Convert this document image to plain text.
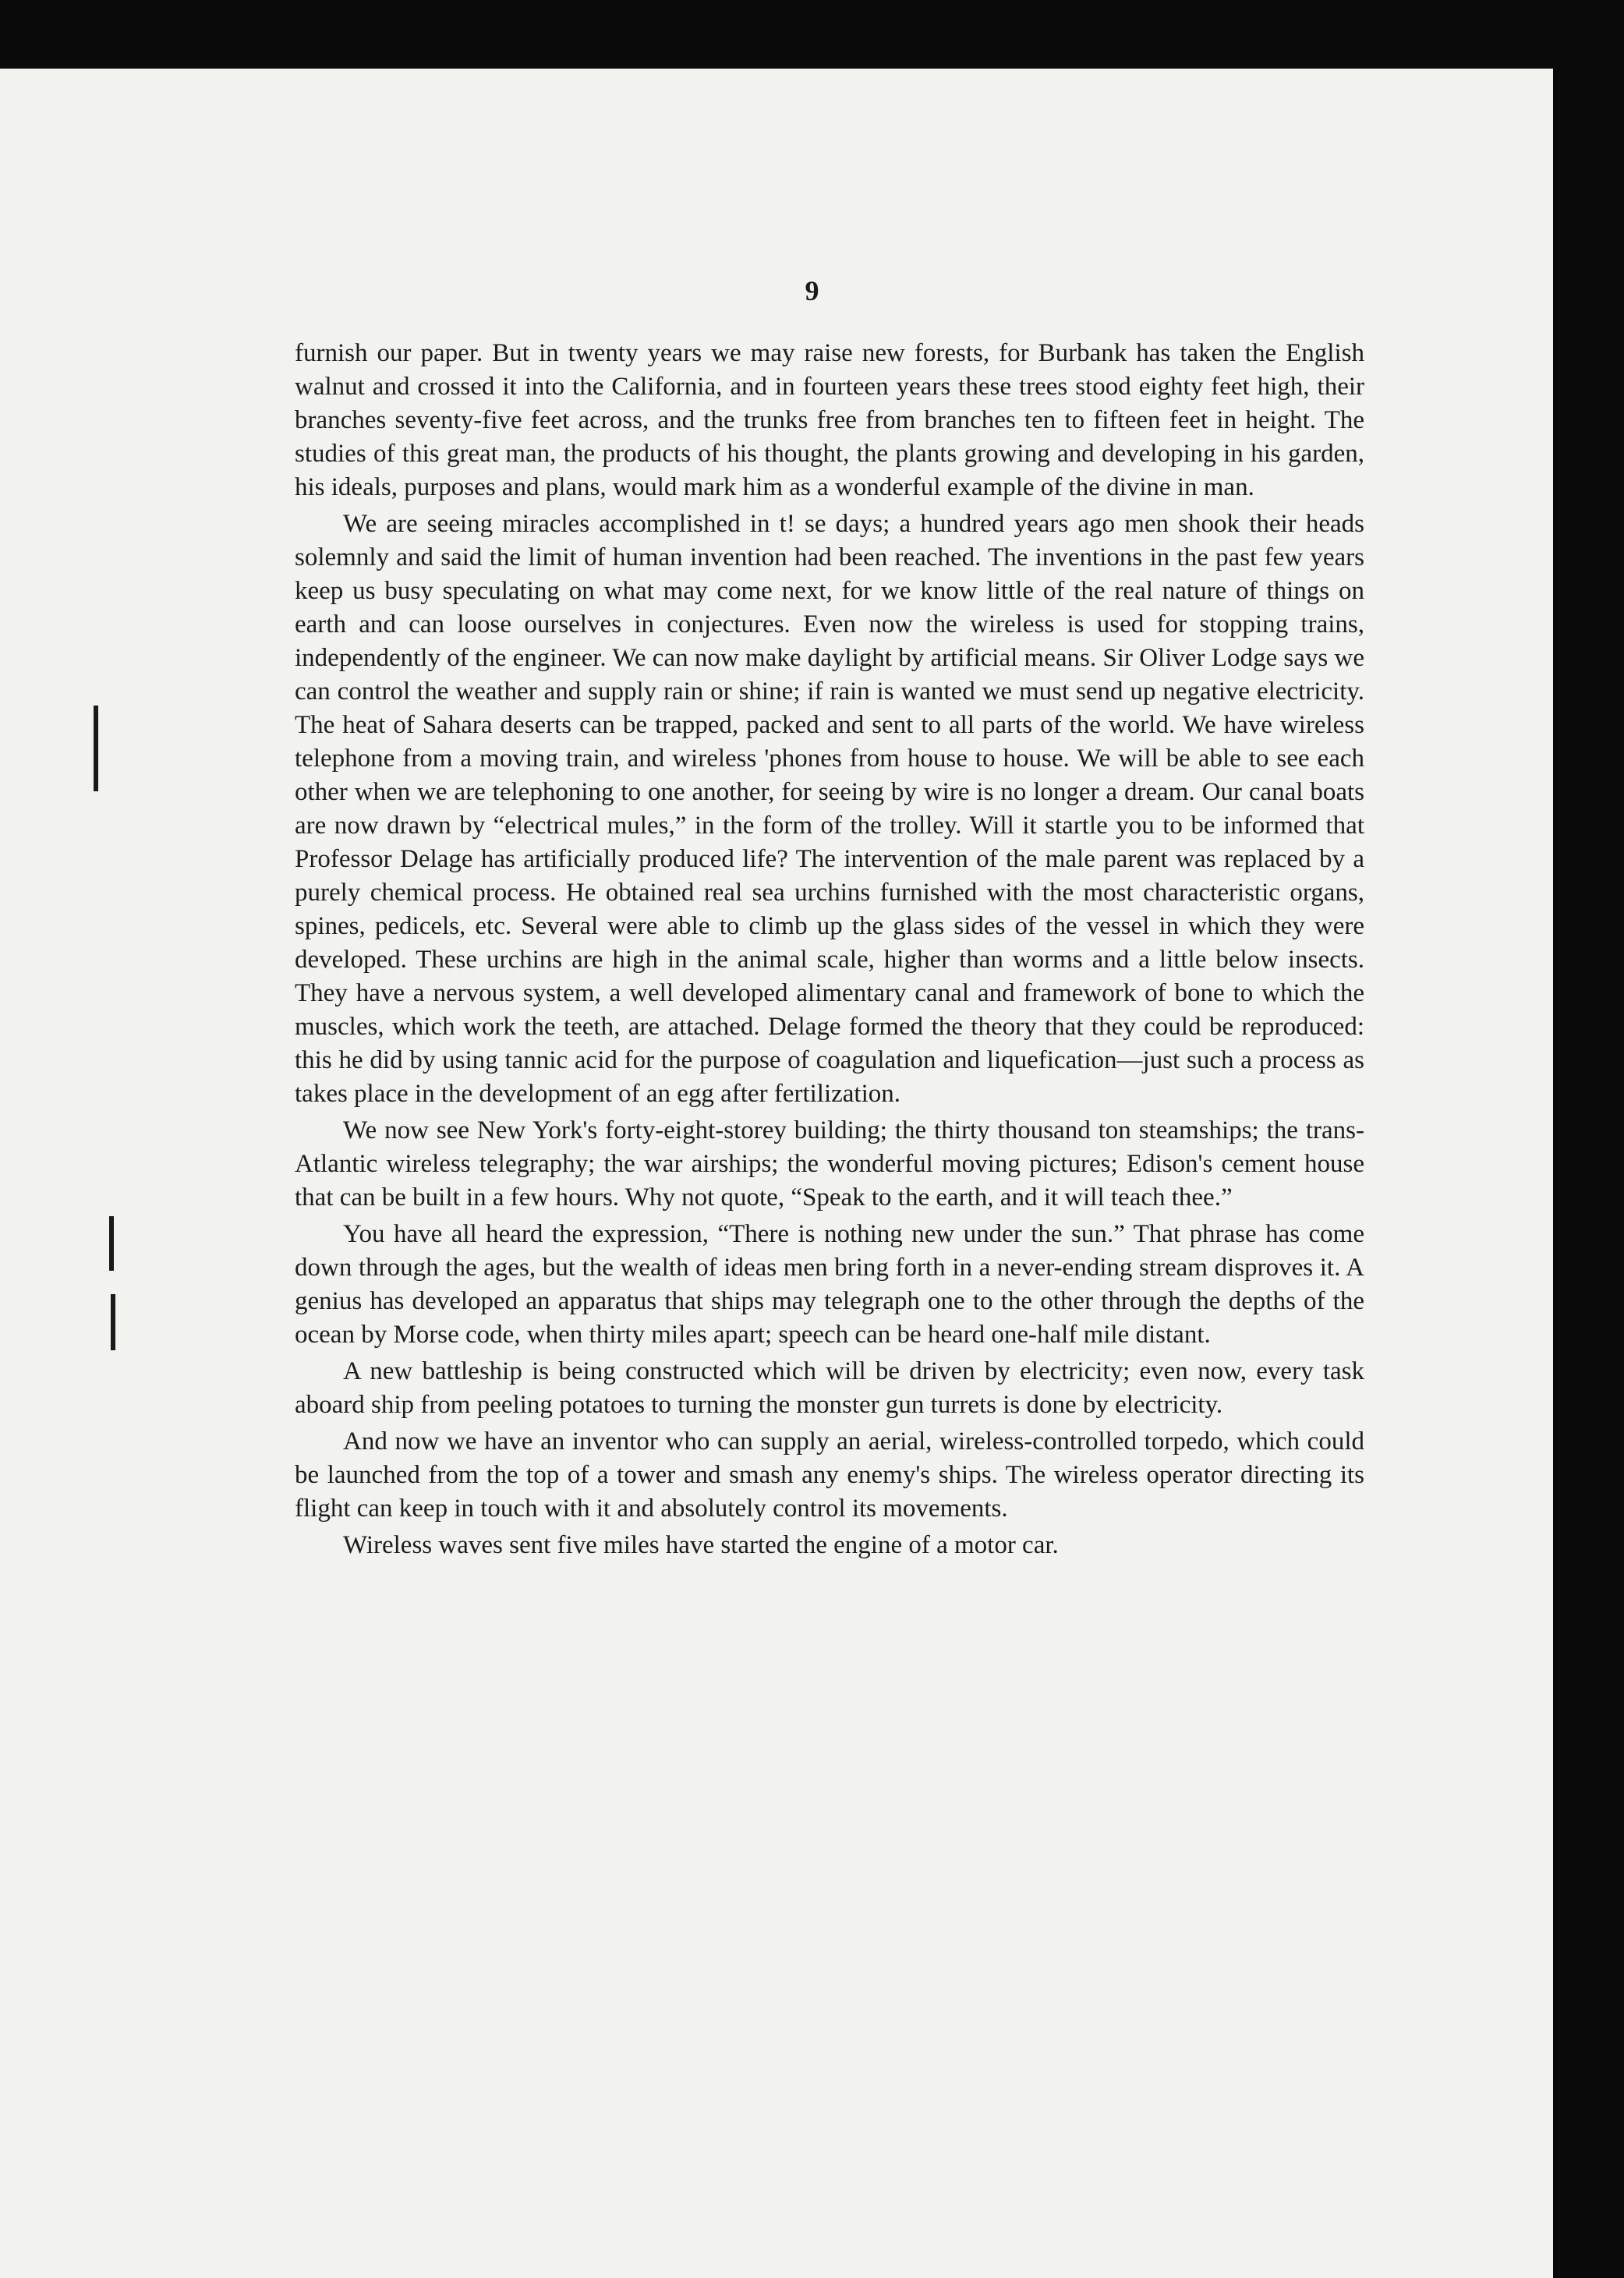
9

furnish our paper. But in twenty years we may raise new forests, for Burbank has taken the English walnut and crossed it into the California, and in fourteen years these trees stood eighty feet high, their branches seventy-five feet across, and the trunks free from branches ten to fifteen feet in height. The studies of this great man, the products of his thought, the plants growing and developing in his garden, his ideals, purposes and plans, would mark him as a wonderful example of the divine in man.

We are seeing miracles accomplished in t! se days; a hundred years ago men shook their heads solemnly and said the limit of human invention had been reached. The inventions in the past few years keep us busy speculating on what may come next, for we know little of the real nature of things on earth and can loose ourselves in conjectures. Even now the wireless is used for stopping trains, independently of the engineer. We can now make daylight by artificial means. Sir Oliver Lodge says we can control the weather and supply rain or shine; if rain is wanted we must send up negative electricity. The heat of Sahara deserts can be trapped, packed and sent to all parts of the world. We have wireless telephone from a moving train, and wireless 'phones from house to house. We will be able to see each other when we are telephoning to one another, for seeing by wire is no longer a dream. Our canal boats are now drawn by “electrical mules,” in the form of the trolley. Will it startle you to be informed that Professor Delage has artificially produced life? The intervention of the male parent was replaced by a purely chemical process. He obtained real sea urchins furnished with the most characteristic organs, spines, pedicels, etc. Several were able to climb up the glass sides of the vessel in which they were developed. These urchins are high in the animal scale, higher than worms and a little below insects. They have a nervous system, a well developed alimentary canal and framework of bone to which the muscles, which work the teeth, are attached. Delage formed the theory that they could be reproduced: this he did by using tannic acid for the purpose of coagulation and liquefication—just such a process as takes place in the development of an egg after fertilization.

We now see New York's forty-eight-storey building; the thirty thousand ton steamships; the trans-Atlantic wireless telegraphy; the war airships; the wonderful moving pictures; Edison's cement house that can be built in a few hours. Why not quote, “Speak to the earth, and it will teach thee.”

You have all heard the expression, “There is nothing new under the sun.” That phrase has come down through the ages, but the wealth of ideas men bring forth in a never-ending stream disproves it. A genius has developed an apparatus that ships may telegraph one to the other through the depths of the ocean by Morse code, when thirty miles apart; speech can be heard one-half mile distant.

A new battleship is being constructed which will be driven by electricity; even now, every task aboard ship from peeling potatoes to turning the monster gun turrets is done by electricity.

And now we have an inventor who can supply an aerial, wireless-controlled torpedo, which could be launched from the top of a tower and smash any enemy's ships. The wireless operator directing its flight can keep in touch with it and absolutely control its movements.

Wireless waves sent five miles have started the engine of a motor car.
